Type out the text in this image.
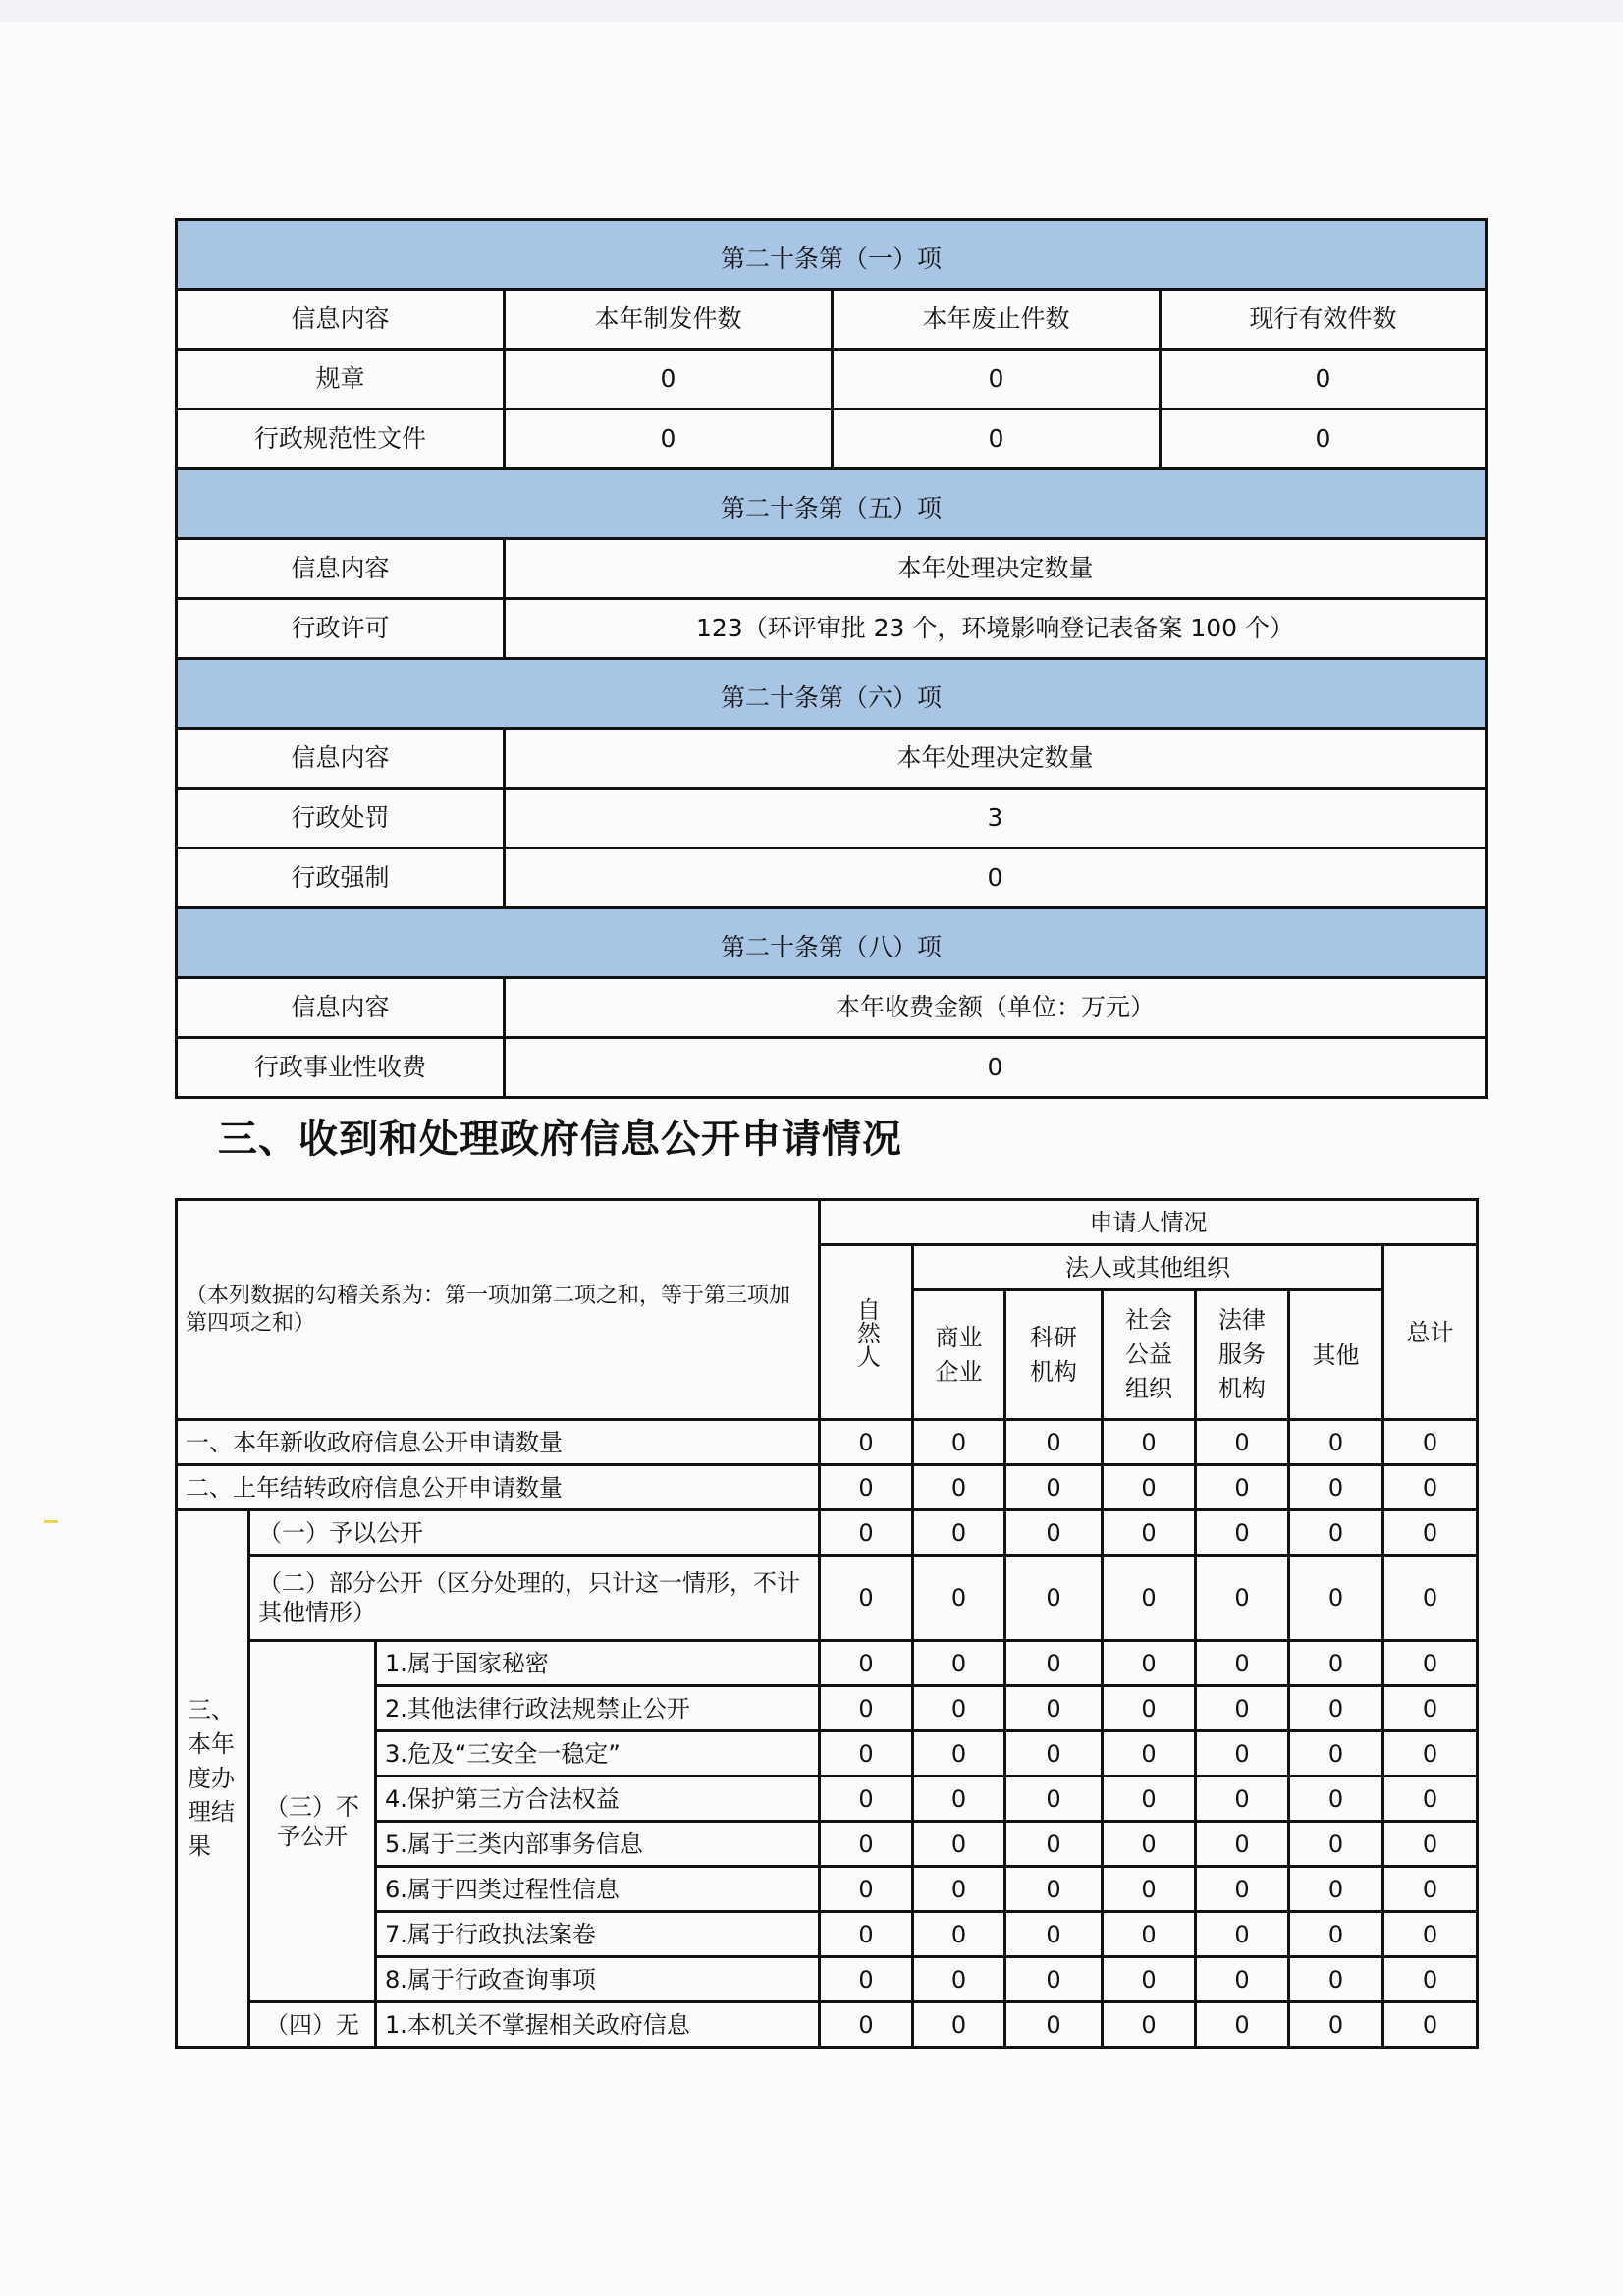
第二十条第（一）项			
信息内容	本年制发件数	本年废止件数	现行有效件数
规章	0	0	0
行政规范性文件	0	0	0
第二十条第（五）项			
信息内容	本年处理决定数量		
行政许可	123（环评审批 23 个，环境影响登记表备案 100 个）		
第二十条第（六）项			
信息内容	本年处理决定数量		
行政处罚	3		
行政强制	0		
第二十条第（八）项			
信息内容	本年收费金额（单位：万元）		
行政事业性收费	0		
三、收到和处理政府信息公开申请情况
（本列数据的勾稽关系为：第一项加第二项之和，等于第三项加第四项之和）			申请人情况						
			自然人	法人或其他组织					总计
				商业企业	科研机构	社会公益组织	法律服务机构	其他	
一、本年新收政府信息公开申请数量			0	0	0	0	0	0	0
二、上年结转政府信息公开申请数量			0	0	0	0	0	0	0
三、本年度办理结果	（一）予以公开		0	0	0	0	0	0	0
	（二）部分公开（区分处理的，只计这一情形，不计其他情形）		0	0	0	0	0	0	0
	（三）不予公开	1.属于国家秘密	0	0	0	0	0	0	0
		2.其他法律行政法规禁止公开	0	0	0	0	0	0	0
		3.危及“三安全一稳定”	0	0	0	0	0	0	0
		4.保护第三方合法权益	0	0	0	0	0	0	0
		5.属于三类内部事务信息	0	0	0	0	0	0	0
		6.属于四类过程性信息	0	0	0	0	0	0	0
		7.属于行政执法案卷	0	0	0	0	0	0	0
		8.属于行政查询事项	0	0	0	0	0	0	0
	（四）无	1.本机关不掌握相关政府信息	0	0	0	0	0	0	0
